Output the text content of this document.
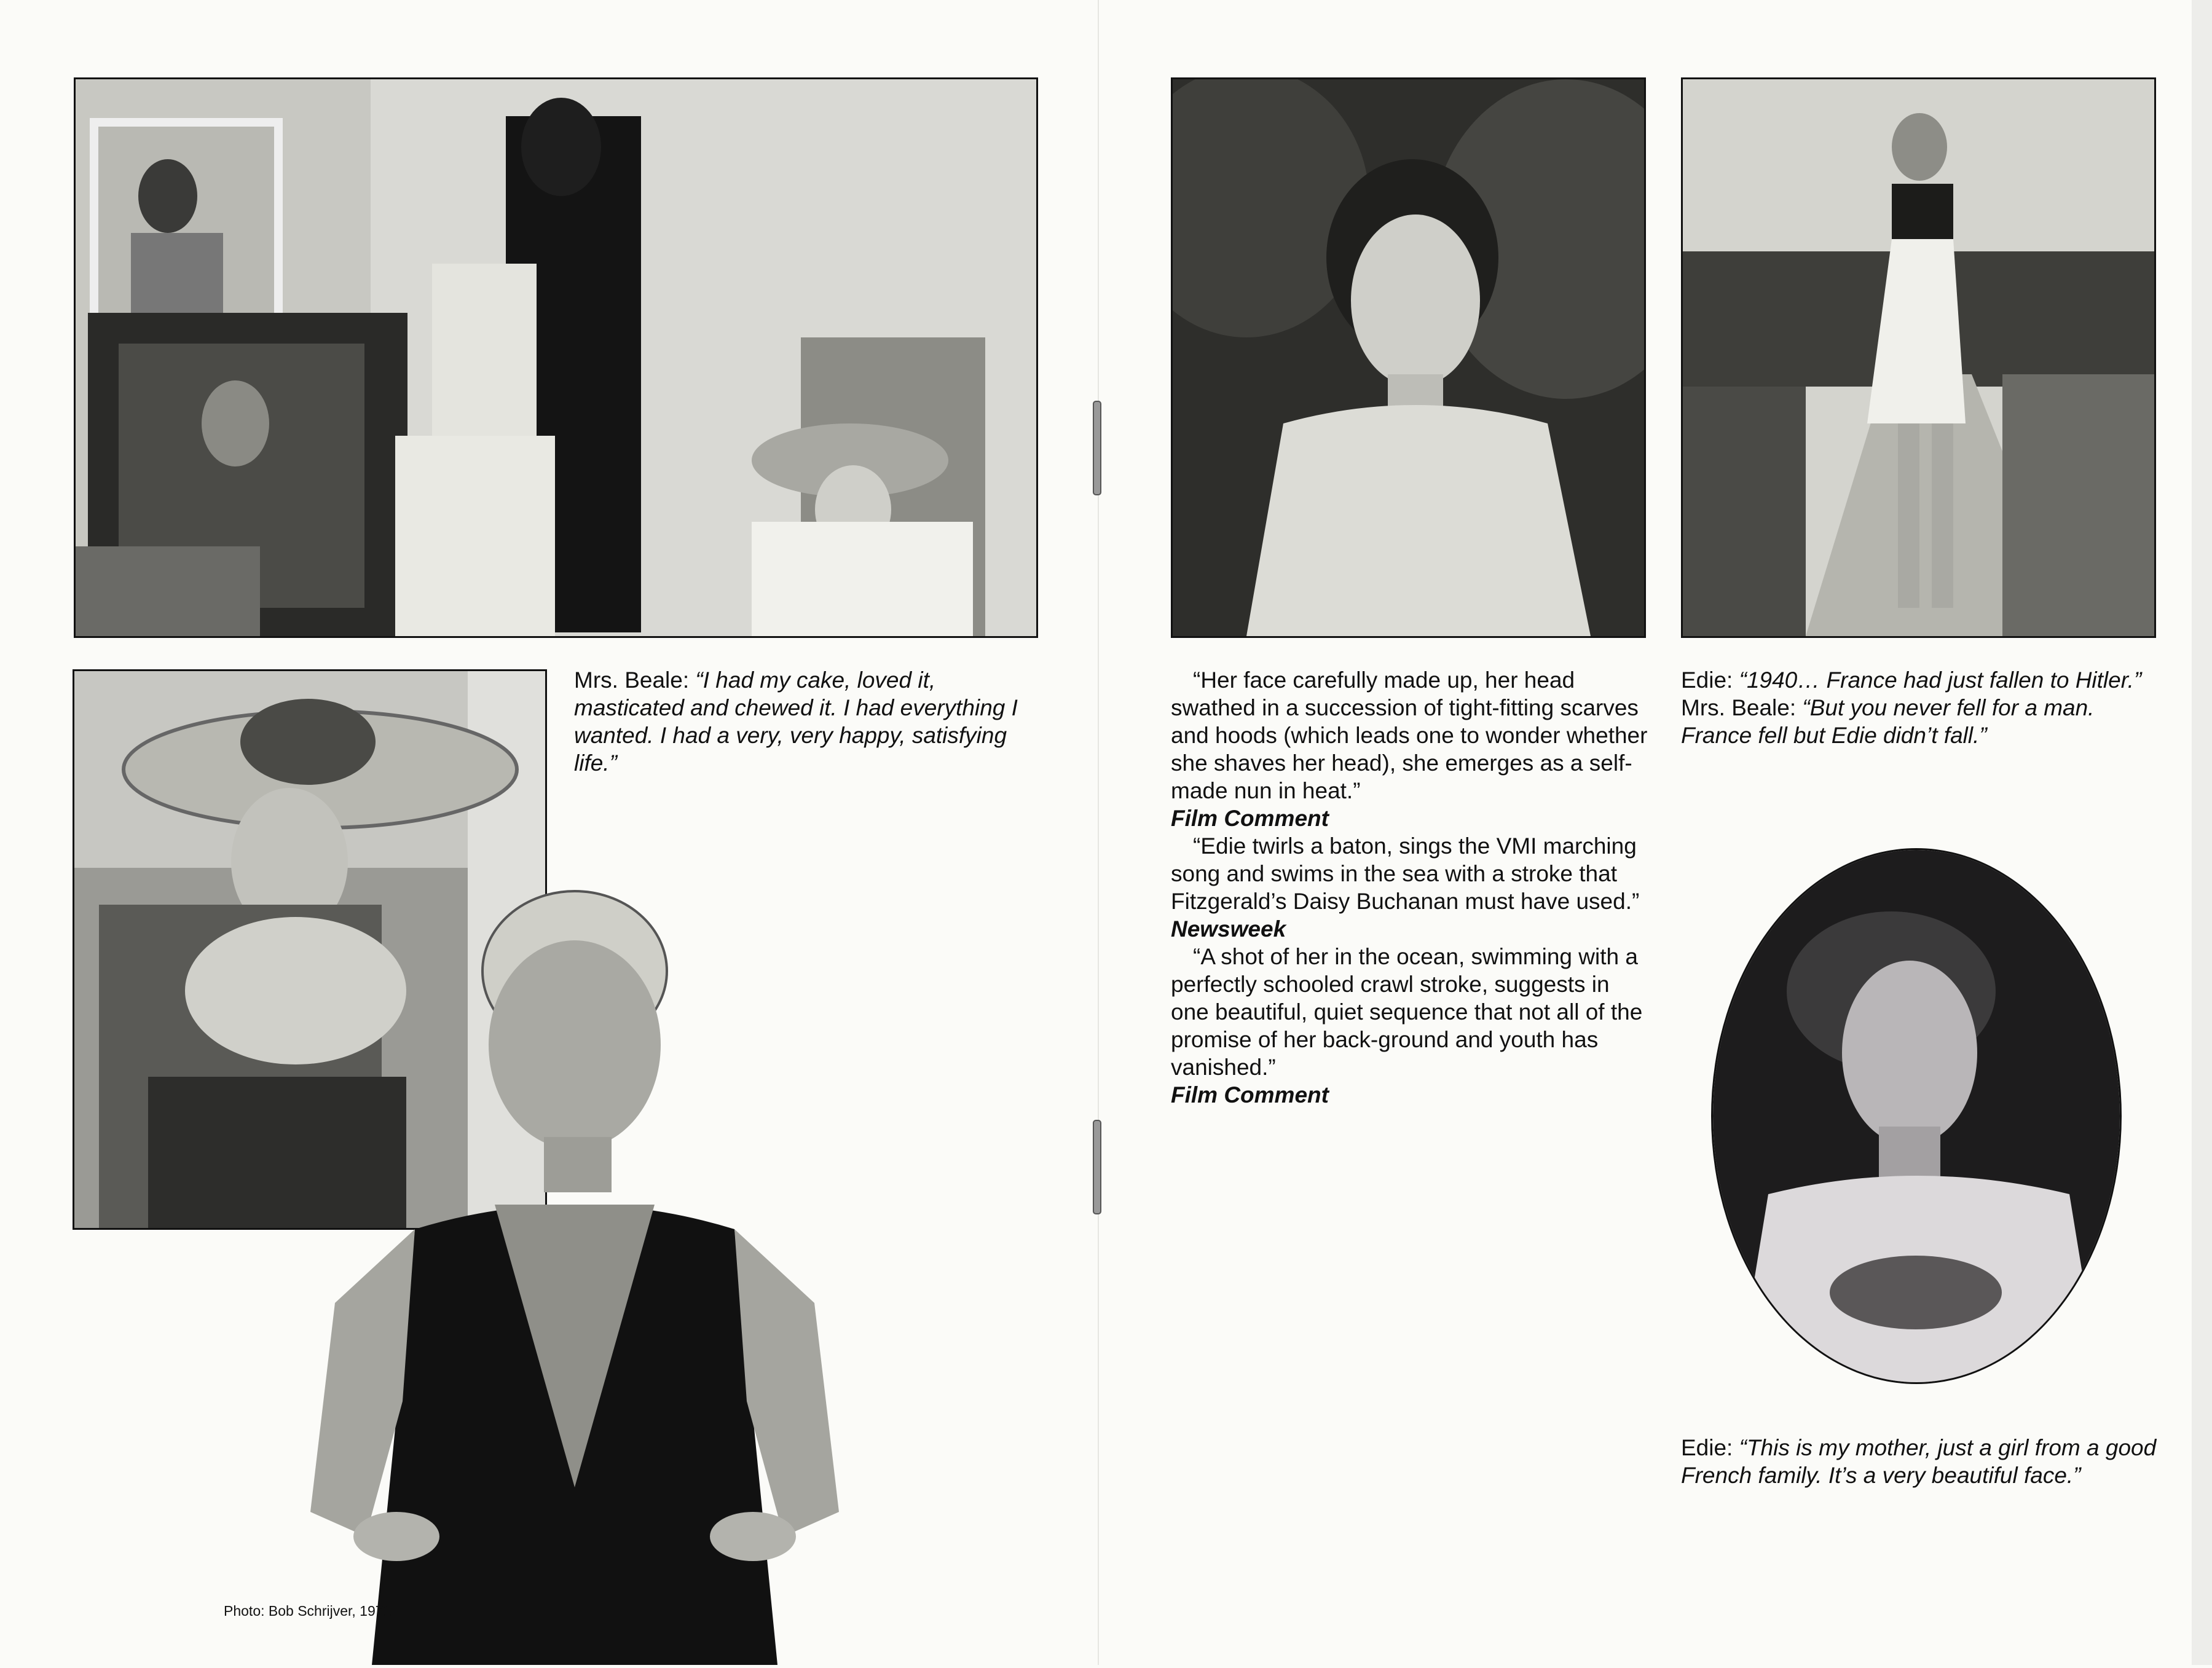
Mrs. Beale: “I had my cake, loved it, masticated and chewed it. I had everything I wanted. I had a very, very happy, satisfying life.”
Photo: Bob Schrijver, 1971

“Her face carefully made up, her head swathed in a succession of tight-fitting scarves and hoods (which leads one to wonder whether she shaves her head), she emerges as a self-made nun in heat.”

Film Comment

“Edie twirls a baton, sings the VMI marching song and swims in the sea with a stroke that Fitzgerald’s Daisy Buchanan must have used.”

Newsweek

“A shot of her in the ocean, swimming with a perfectly schooled crawl stroke, suggests in one beautiful, quiet sequence that not all of the promise of her back-ground and youth has vanished.”

Film Comment

Edie: “1940… France had just fallen to Hitler.”
Mrs. Beale: “But you never fell for a man. France fell but Edie didn’t fall.”
Edie: “This is my mother, just a girl from a good French family. It’s a very beautiful face.”
